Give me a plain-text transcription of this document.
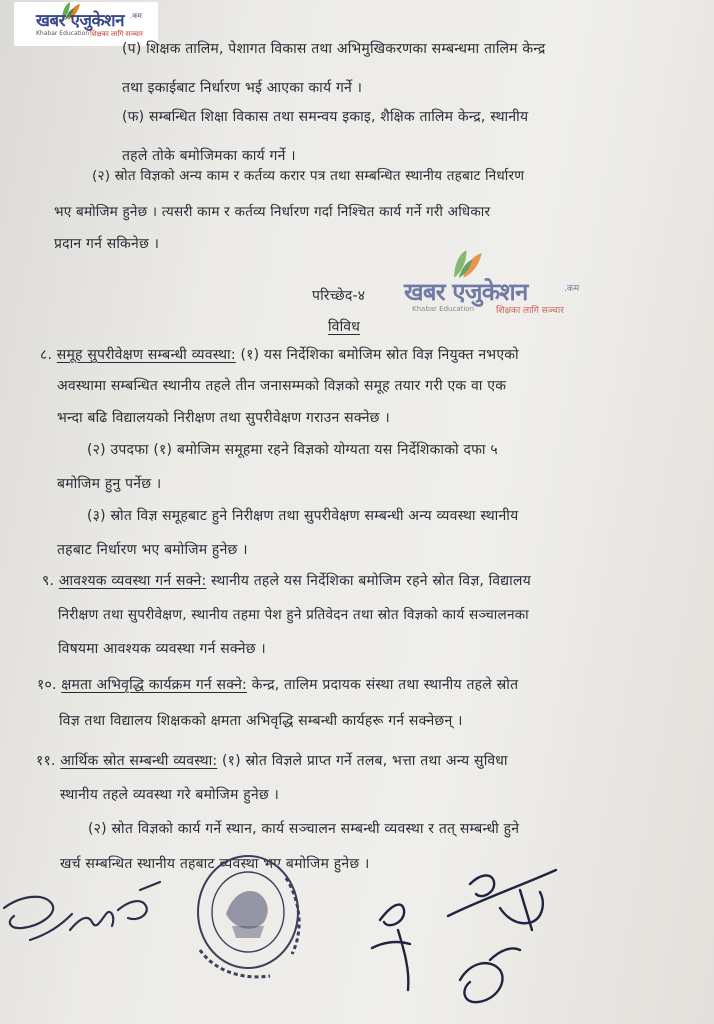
खबर एजुकेशन .कम
Khabar Education शिक्षका लागि सञ्चार
(प) शिक्षक तालिम, पेशागत विकास तथा अभिमुखिकरणका सम्बन्धमा तालिम केन्द्र
तथा इकाईबाट निर्धारण भई आएका कार्य गर्ने ।
(फ) सम्बन्धित शिक्षा विकास तथा समन्वय इकाइ, शैक्षिक तालिम केन्द्र, स्थानीय
तहले तोके बमोजिमका कार्य गर्ने ।
(२) स्रोत विज्ञको अन्य काम र कर्तव्य करार पत्र तथा सम्बन्धित स्थानीय तहबाट निर्धारण
भए बमोजिम हुनेछ । त्यसरी काम र कर्तव्य निर्धारण गर्दा निश्चित कार्य गर्ने गरी अधिकार
प्रदान गर्न सकिनेछ ।
खबर एजुकेशन	.कम
Khabar Education शिक्षका लागि सञ्चार
परिच्छेद-४
विविध
८. समूह सुपरीवेक्षण सम्बन्धी व्यवस्था: (१) यस निर्देशिका बमोजिम स्रोत विज्ञ नियुक्त नभएको
अवस्थामा सम्बन्धित स्थानीय तहले तीन जनासम्मको विज्ञको समूह तयार गरी एक वा एक
भन्दा बढि विद्यालयको निरीक्षण तथा सुपरीवेक्षण गराउन सक्नेछ ।
(२) उपदफा (१) बमोजिम समूहमा रहने विज्ञको योग्यता यस निर्देशिकाको दफा ५
बमोजिम हुनु पर्नेछ ।
(३) स्रोत विज्ञ समूहबाट हुने निरीक्षण तथा सुपरीवेक्षण सम्बन्धी अन्य व्यवस्था स्थानीय
तहबाट निर्धारण भए बमोजिम हुनेछ ।
९. आवश्यक व्यवस्था गर्न सक्ने: स्थानीय तहले यस निर्देशिका बमोजिम रहने स्रोत विज्ञ, विद्यालय
निरीक्षण तथा सुपरीवेक्षण, स्थानीय तहमा पेश हुने प्रतिवेदन तथा स्रोत विज्ञको कार्य सञ्चालनका
विषयमा आवश्यक व्यवस्था गर्न सक्नेछ ।
१०. क्षमता अभिवृद्धि कार्यक्रम गर्न सक्ने: केन्द्र, तालिम प्रदायक संस्था तथा स्थानीय तहले स्रोत
विज्ञ तथा विद्यालय शिक्षकको क्षमता अभिवृद्धि सम्बन्धी कार्यहरू गर्न सक्नेछन् ।
११. आर्थिक स्रोत सम्बन्धी व्यवस्था: (१) स्रोत विज्ञले प्राप्त गर्ने तलब, भत्ता तथा अन्य सुविधा
स्थानीय तहले व्यवस्था गरे बमोजिम हुनेछ ।
(२) स्रोत विज्ञको कार्य गर्ने स्थान, कार्य सञ्चालन सम्बन्धी व्यवस्था र तत् सम्बन्धी हुने
खर्च सम्बन्धित स्थानीय तहबाट व्यवस्था भए बमोजिम हुनेछ ।
